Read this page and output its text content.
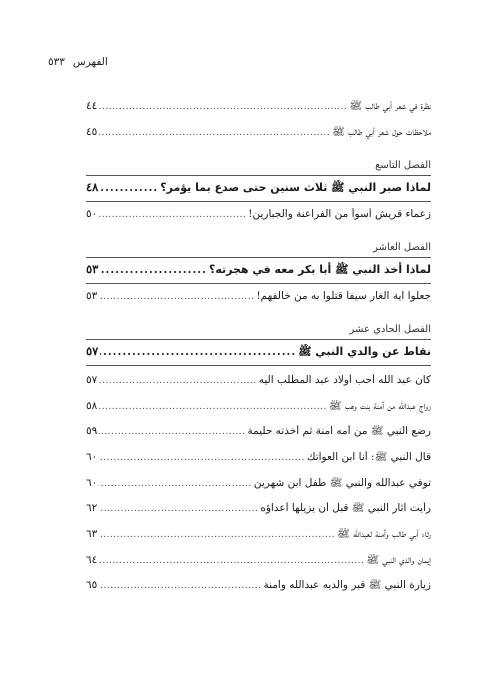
٥٣٣ الفهرس
نظرة في شعر أبي طالب ﷺ
.....
٤٤
ملاحظات حول شعر أبي طالب ﷺ
.....
٤٥
الفصل التاسع
لماذا صبر النبي ﷺ ثلاث سنين حتى صدع بما يؤمر؟
.....
٤٨
زعماء قريش أسوأ من الفراعنة والجبارين!
.....
٥٠
الفصل العاشر
لماذا أخذ النبي ﷺ أبا بكر معه في هجرته؟
.....
٥٣
جعلوا آية الغار سيفاً قتلوا به من خالفهم!
.....
٥٣
الفصل الحادي عشر
نقاط عن والدي النبي ﷺ
.....
٥٧
كان عبد الله أحب أولاد عبد المطلب اليه
.....
٥٧
زواج عبدالله من آمنة بنت وهب ﷺ
.....
٥٨
رضع النبي ﷺ من أمه آمنة ثم أخذته حليمة
.....
٥٩
قال النبي ﷺ: أنا ابن العواتك
.....
٦٠
توفي عبدالله والنبي ﷺ طفل ابن شهرين
.....
٦٠
رأيت آثار النبي ﷺ قبل أن يزيلها أعداؤه
.....
٦٢
رثاء أبي طالب وآمنة لعبدالله ﷺ
.....
٦٣
إيمان والدي النبي ﷺ
.....
٦٤
زيارة النبي ﷺ قبر والديه عبدالله وآمنة
.....
٦٥
